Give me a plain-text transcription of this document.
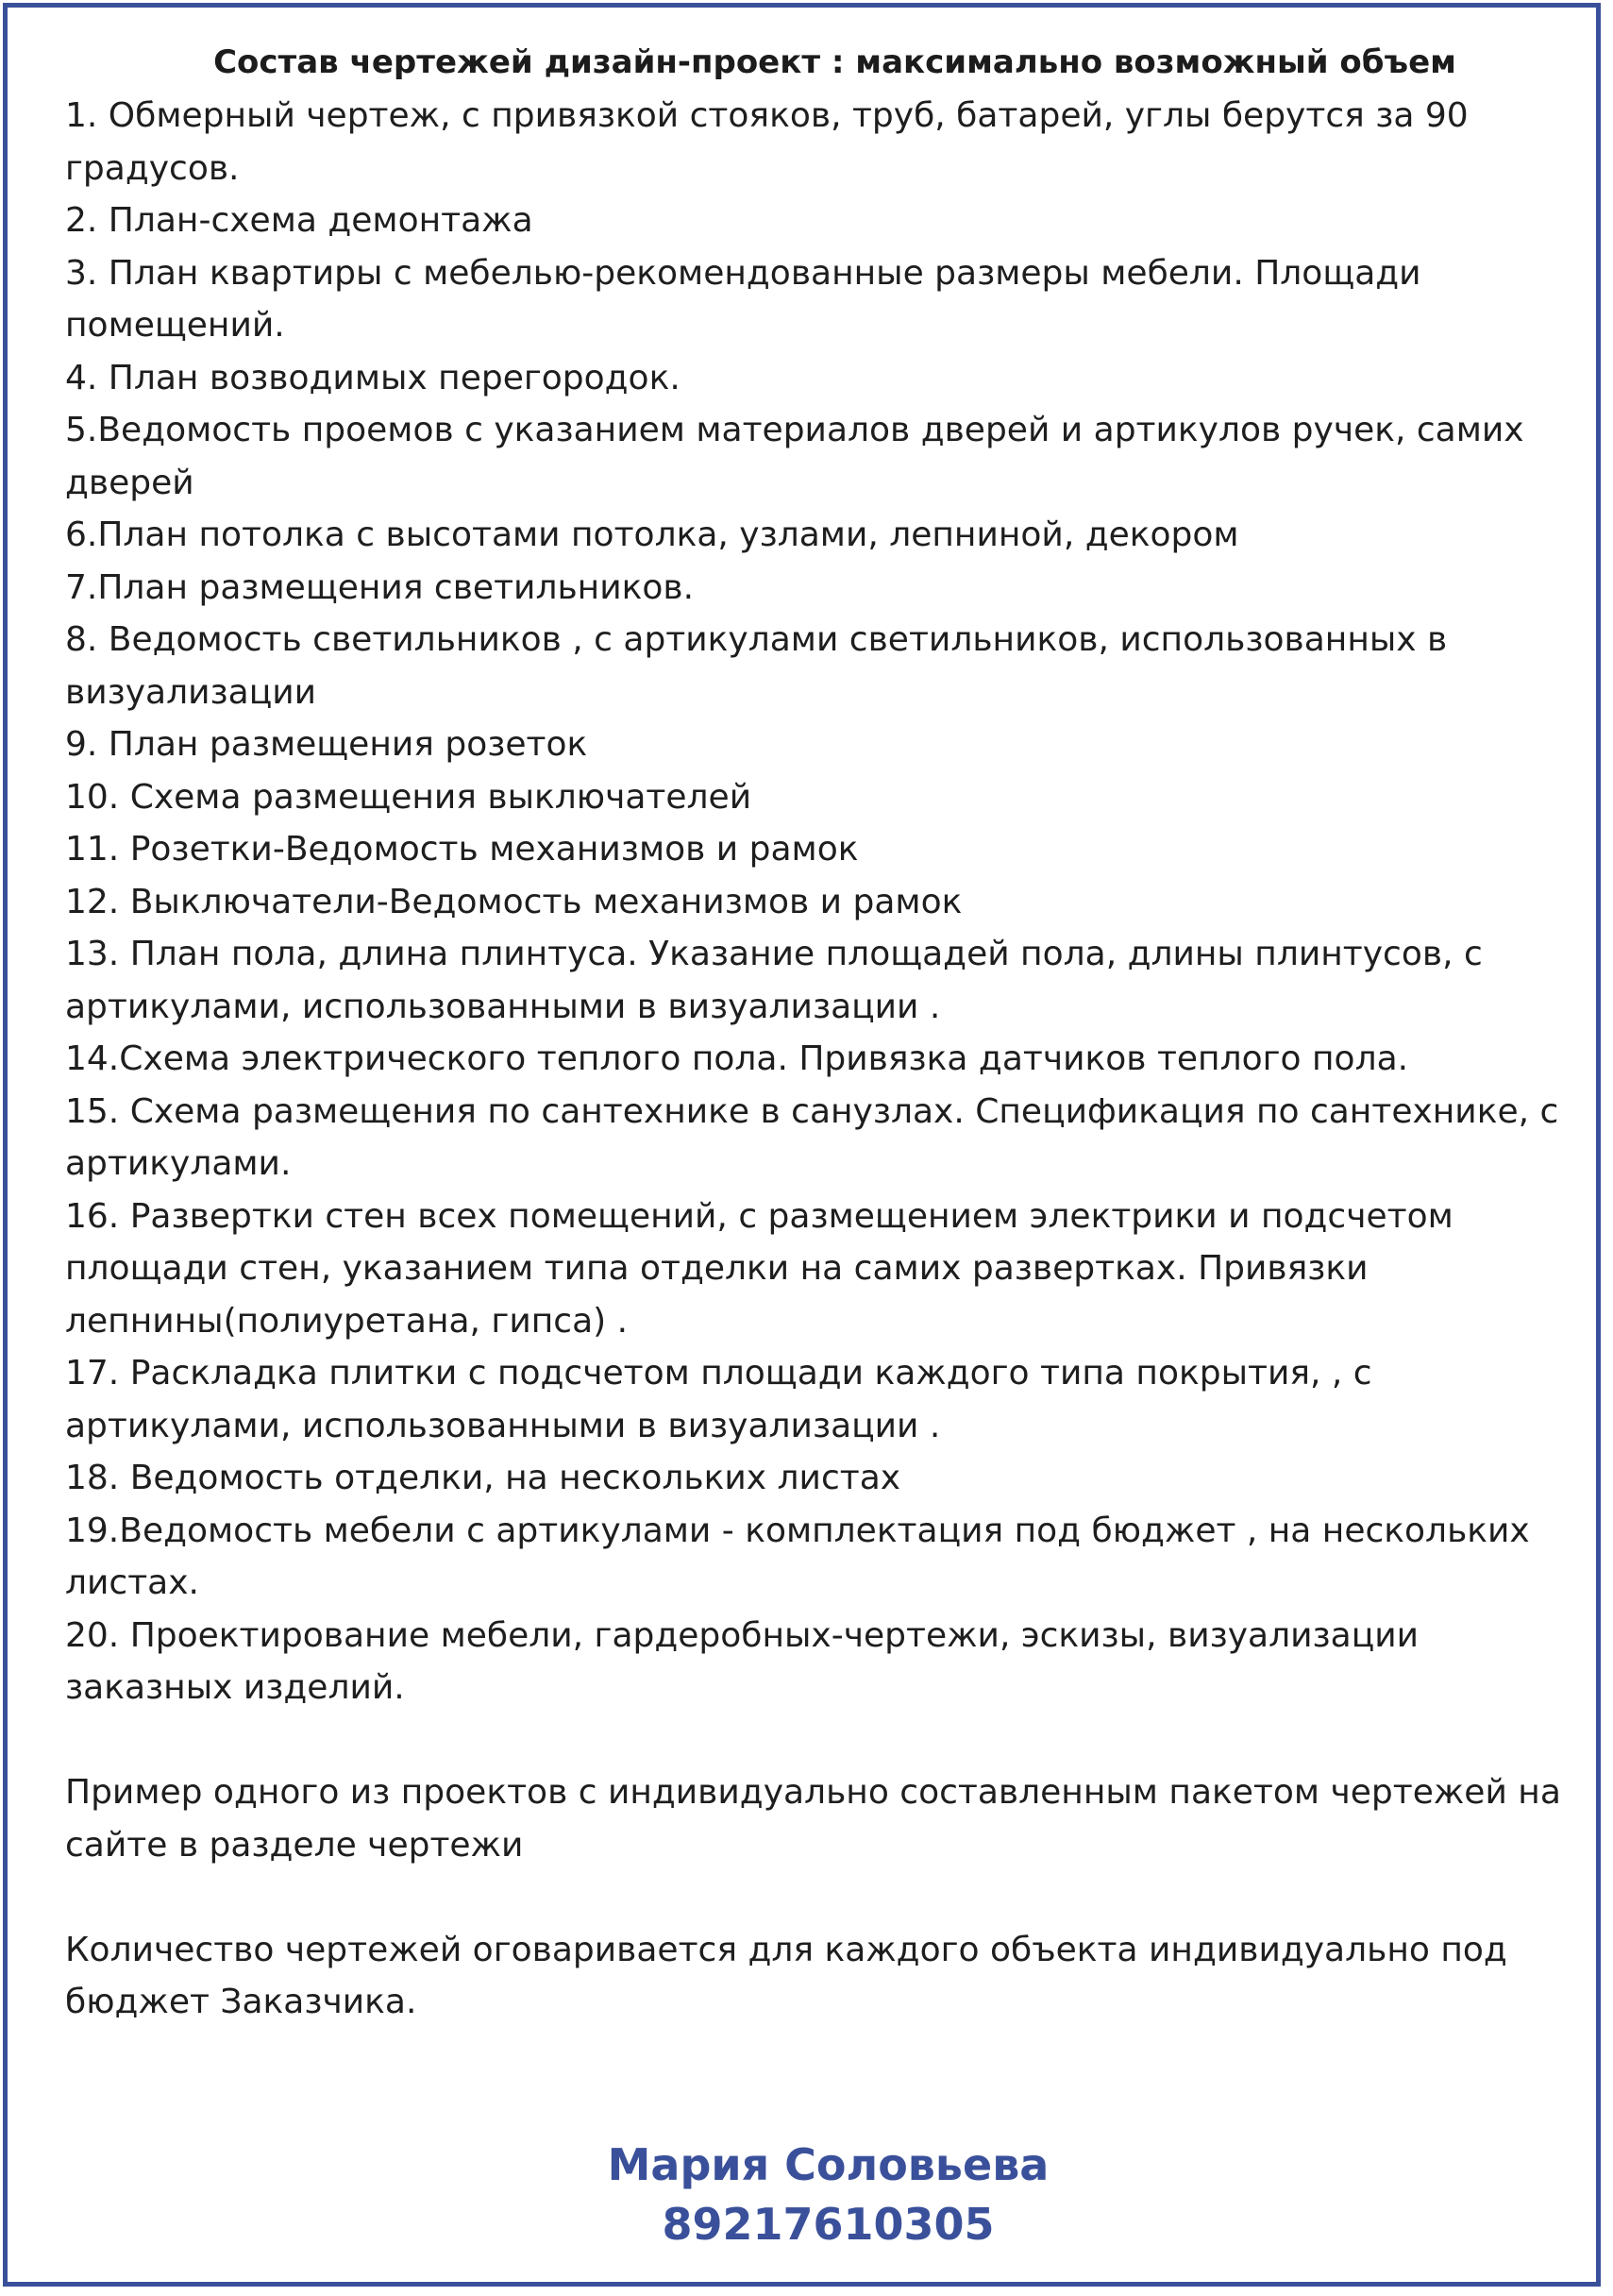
Состав чертежей дизайн-проект : максимально возможный объем

1. Обмерный чертеж, с привязкой стояков, труб, батарей, углы берутся за 90 градусов.

2. План-схема демонтажа

3. План квартиры с мебелью-рекомендованные размеры мебели. Площади помещений.

4. План возводимых перегородок.

5.Ведомость проемов с указанием материалов дверей и артикулов ручек, самих дверей

6.План потолка с высотами потолка, узлами, лепниной, декором

7.План размещения светильников.

8. Ведомость светильников , с артикулами светильников, использованных в визуализации

9. План размещения розеток

10. Схема размещения выключателей

11. Розетки-Ведомость механизмов и рамок

12. Выключатели-Ведомость механизмов и рамок

13. План пола, длина плинтуса. Указание площадей пола, длины плинтусов, с артикулами, использованными в визуализации .

14.Схема электрического теплого пола. Привязка датчиков теплого пола.

15. Схема размещения по сантехнике в санузлах. Спецификация по сантехнике, с артикулами.

16. Развертки стен всех помещений, с размещением электрики и подсчетом площади стен, указанием типа отделки на самих развертках. Привязки лепнины(полиуретана, гипса) .

17. Раскладка плитки с подсчетом площади каждого типа покрытия, , с артикулами, использованными в визуализации .

18. Ведомость отделки, на нескольких листах

19.Ведомость мебели с артикулами - комплектация под бюджет , на нескольких листах.

20. Проектирование мебели, гардеробных-чертежи, эскизы, визуализации заказных изделий.

Пример одного из проектов с индивидуально составленным пакетом чертежей на сайте в разделе чертежи

Количество чертежей оговаривается для каждого объекта индивидуально под бюджет Заказчика.

Мария Соловьева
89217610305
